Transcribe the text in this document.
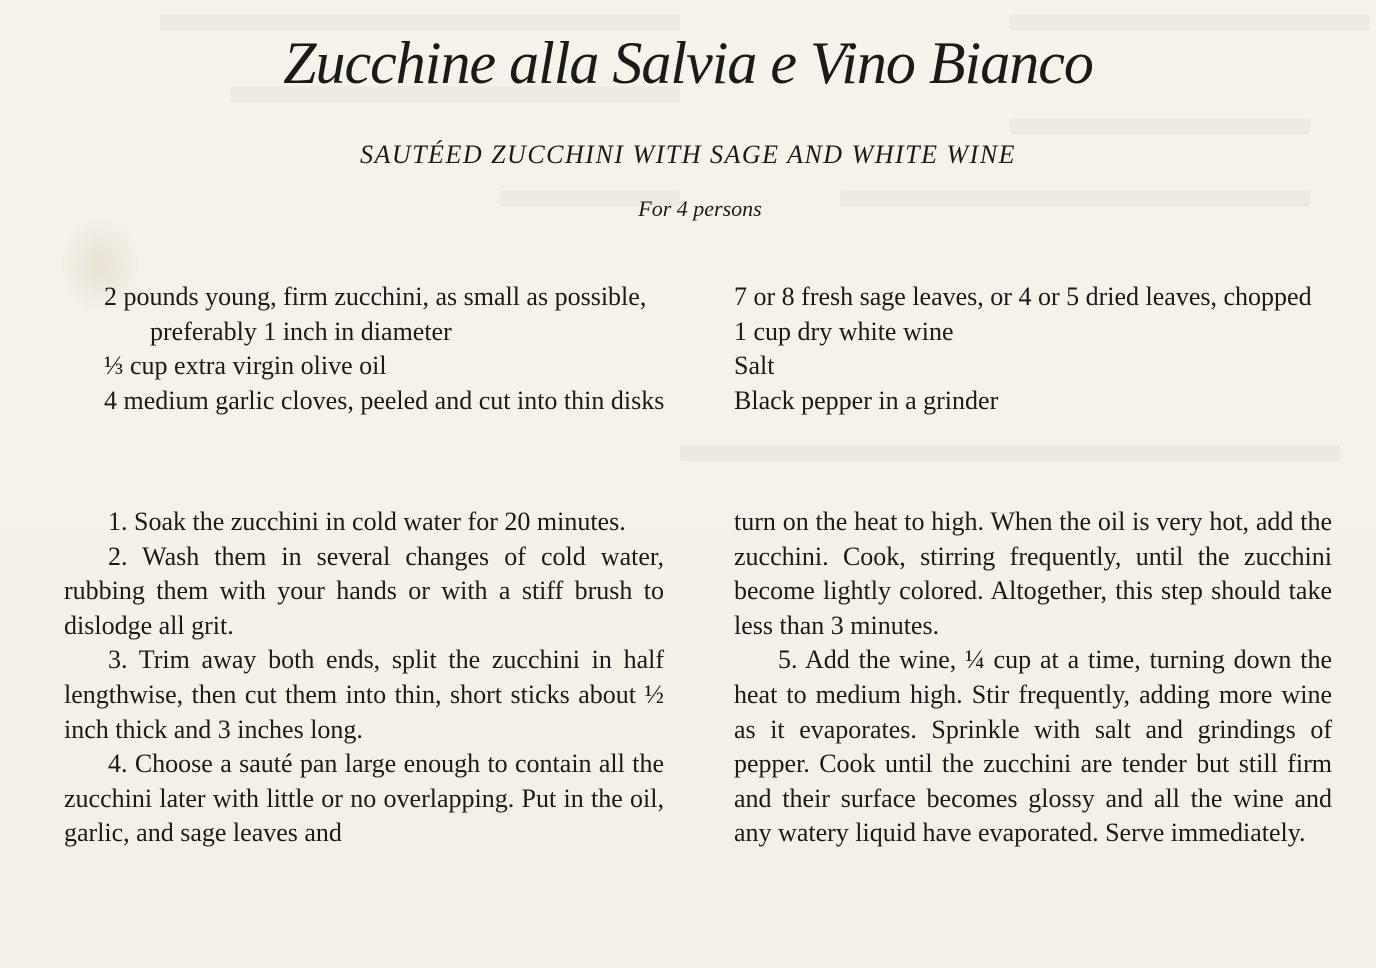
Zucchine alla Salvia e Vino Bianco

SAUTÉED ZUCCHINI WITH SAGE AND WHITE WINE

For 4 persons

2 pounds young, firm zucchini, as small as possible, preferably 1 inch in diameter

⅓ cup extra virgin olive oil

4 medium garlic cloves, peeled and cut into thin disks

1. Soak the zucchini in cold water for 20 minutes.

2. Wash them in several changes of cold water, rubbing them with your hands or with a stiff brush to dislodge all grit.

3. Trim away both ends, split the zucchini in half lengthwise, then cut them into thin, short sticks about ½ inch thick and 3 inches long.

4. Choose a sauté pan large enough to contain all the zucchini later with little or no overlapping. Put in the oil, garlic, and sage leaves and

7 or 8 fresh sage leaves, or 4 or 5 dried leaves, chopped

1 cup dry white wine

Salt

Black pepper in a grinder

turn on the heat to high. When the oil is very hot, add the zucchini. Cook, stirring frequently, until the zucchini become lightly colored. Altogether, this step should take less than 3 minutes.

5. Add the wine, ¼ cup at a time, turning down the heat to medium high. Stir frequently, adding more wine as it evaporates. Sprinkle with salt and grindings of pepper. Cook until the zucchini are tender but still firm and their surface becomes glossy and all the wine and any watery liquid have evaporated. Serve immediately.
